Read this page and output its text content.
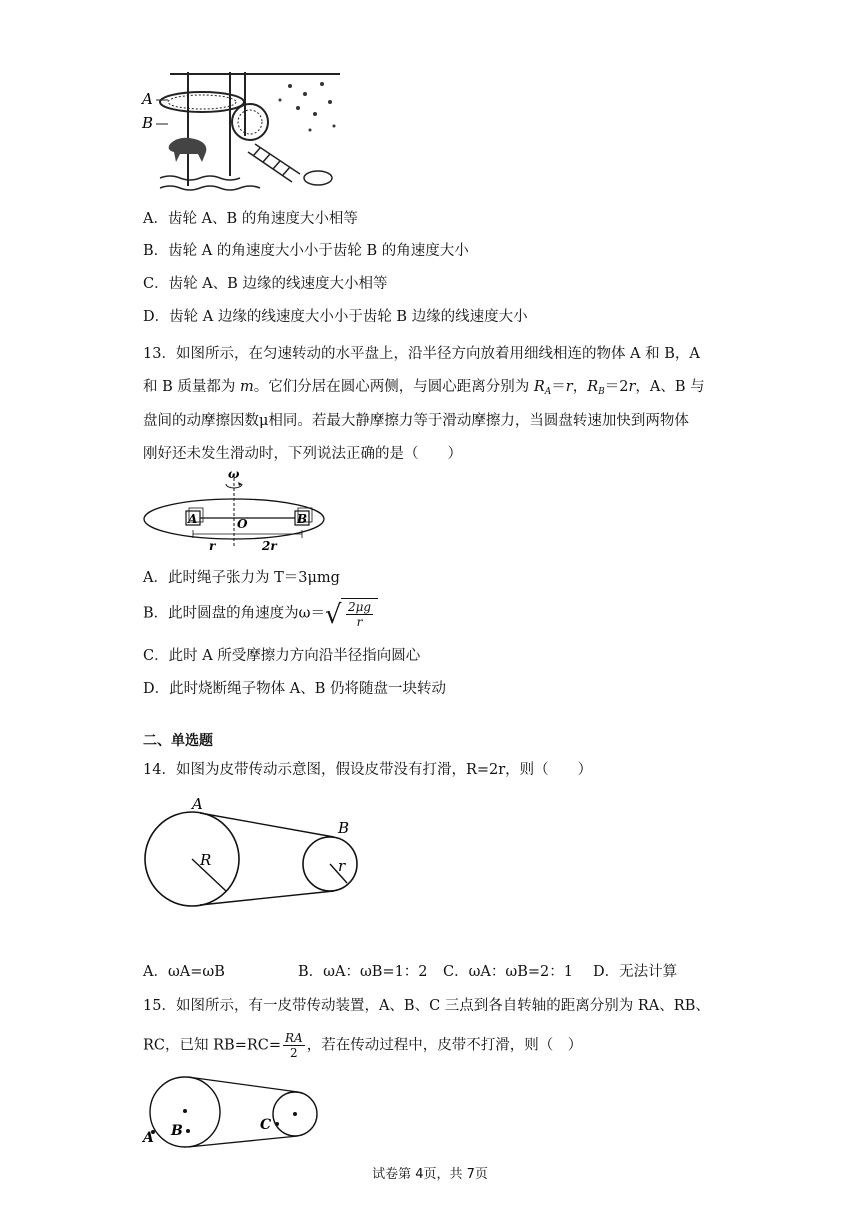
A
B
A．齿轮 A、B 的角速度大小相等
B．齿轮 A 的角速度大小小于齿轮 B 的角速度大小
C．齿轮 A、B 边缘的线速度大小相等
D．齿轮 A 边缘的线速度大小小于齿轮 B 边缘的线速度大小
13．如图所示，在匀速转动的水平盘上，沿半径方向放着用细线相连的物体 A 和 B，A
和 B 质量都为 m。它们分居在圆心两侧，与圆心距离分别为 $R_A=r$，$R_B=2r$，A、B 与
盘间的动摩擦因数μ相同。若最大静摩擦力等于滑动摩擦力，当圆盘转速加快到两物体
刚好还未发生滑动时，下列说法正确的是（　　）
ω
A	B
O
r	2r
A．此时绳子张力为 T＝3μmg
B．此时圆盘的角速度为ω＝ √ $\frac{2\mu g}{r}$
C．此时 A 所受摩擦力方向沿半径指向圆心
D．此时烧断绳子物体 A、B 仍将随盘一块转动
二、单选题
14．如图为皮带传动示意图，假设皮带没有打滑，R=2r，则（　　）
A
B
R	r
A．ωA=ωB	B．ωA：ωB=1：2 C．ωA：ωB=2：1 D．无法计算
15．如图所示，有一皮带传动装置，A、B、C 三点到各自转轴的距离分别为 RA、RB、
RC，已知 $RB=RC= \frac{RA}{2}$ ，若在传动过程中，皮带不打滑，则（　）
A B	C
试卷第 4页，共 7页
